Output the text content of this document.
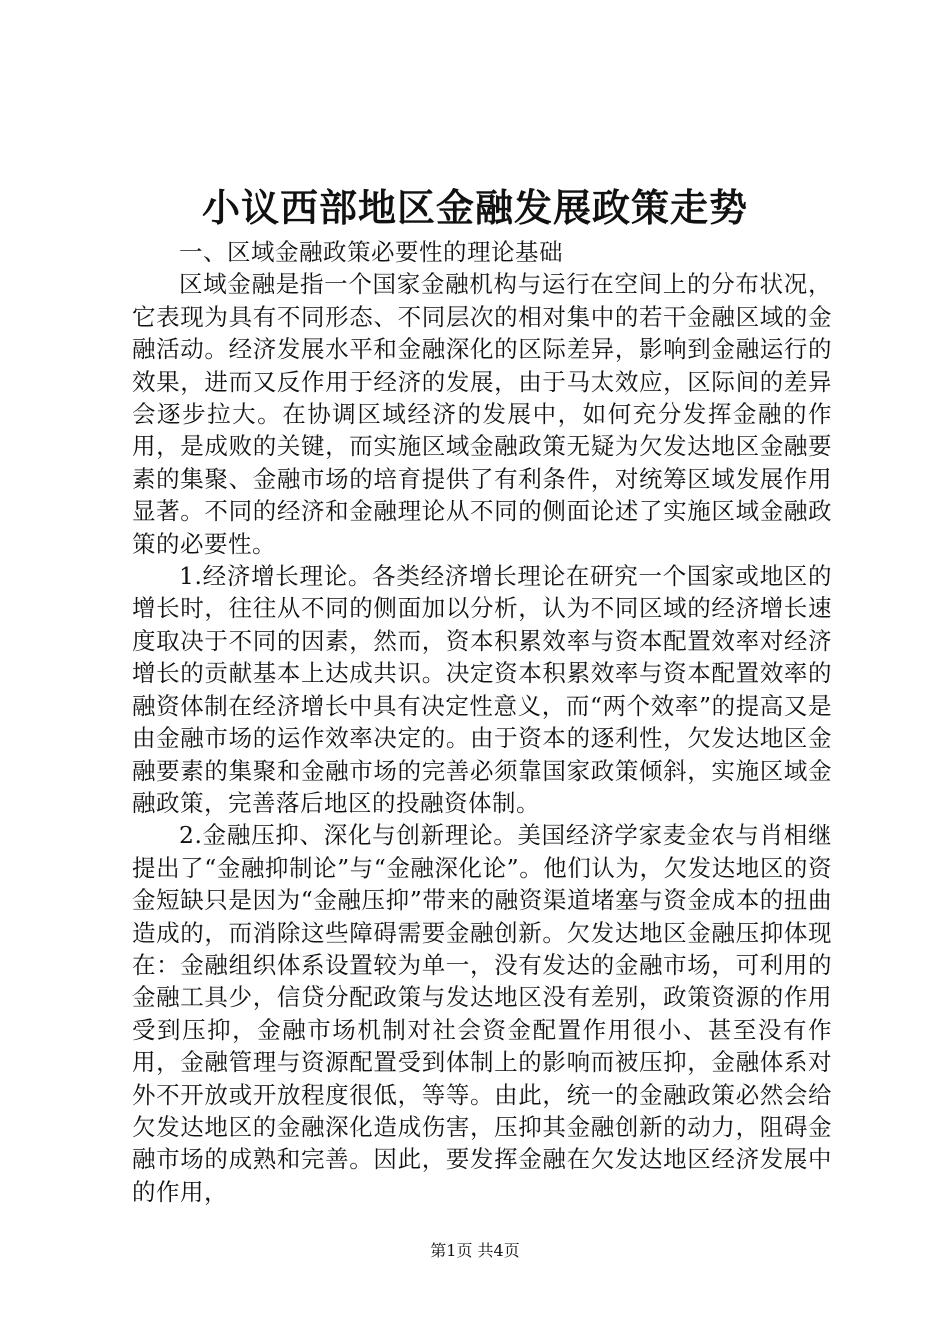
小议西部地区金融发展政策走势

一、区域金融政策必要性的理论基础

区域金融是指一个国家金融机构与运行在空间上的分布状况，它表现为具有不同形态、不同层次的相对集中的若干金融区域的金融活动。经济发展水平和金融深化的区际差异，影响到金融运行的效果，进而又反作用于经济的发展，由于马太效应，区际间的差异会逐步拉大。在协调区域经济的发展中，如何充分发挥金融的作用，是成败的关键，而实施区域金融政策无疑为欠发达地区金融要素的集聚、金融市场的培育提供了有利条件，对统筹区域发展作用显著。不同的经济和金融理论从不同的侧面论述了实施区域金融政策的必要性。

1.经济增长理论。各类经济增长理论在研究一个国家或地区的增长时，往往从不同的侧面加以分析，认为不同区域的经济增长速度取决于不同的因素，然而，资本积累效率与资本配置效率对经济增长的贡献基本上达成共识。决定资本积累效率与资本配置效率的融资体制在经济增长中具有决定性意义，而“两个效率”的提高又是由金融市场的运作效率决定的。由于资本的逐利性，欠发达地区金融要素的集聚和金融市场的完善必须靠国家政策倾斜，实施区域金融政策，完善落后地区的投融资体制。

2.金融压抑、深化与创新理论。美国经济学家麦金农与肖相继提出了“金融抑制论”与“金融深化论”。他们认为，欠发达地区的资金短缺只是因为“金融压抑”带来的融资渠道堵塞与资金成本的扭曲造成的，而消除这些障碍需要金融创新。欠发达地区金融压抑体现在：金融组织体系设置较为单一，没有发达的金融市场，可利用的金融工具少，信贷分配政策与发达地区没有差别，政策资源的作用受到压抑，金融市场机制对社会资金配置作用很小、甚至没有作用，金融管理与资源配置受到体制上的影响而被压抑，金融体系对外不开放或开放程度很低，等等。由此，统一的金融政策必然会给欠发达地区的金融深化造成伤害，压抑其金融创新的动力，阻碍金融市场的成熟和完善。因此，要发挥金融在欠发达地区经济发展中的作用，

第1页 共4页
